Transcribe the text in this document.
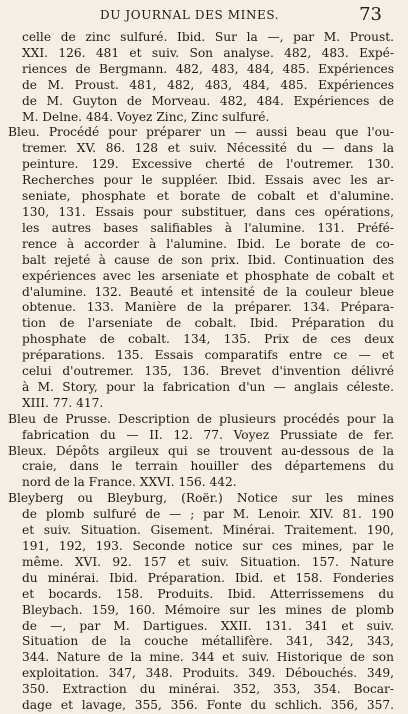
DU JOURNAL DES MINES.	73
celle de zinc sulfuré. Ibid. Sur la —, par M. Proust.
XXI. 126. 481 et suiv. Son analyse. 482, 483. Expé-
riences de Bergmann. 482, 483, 484, 485. Expériences
de M. Proust. 481, 482, 483, 484, 485. Expériences
de M. Guyton de Morveau. 482, 484. Expériences de
M. Delne. 484. Voyez Zinc, Zinc sulfuré.
Bleu. Procédé pour préparer un — aussi beau que l'ou-
tremer. XV. 86. 128 et suiv. Nécessité du — dans la
peinture. 129. Excessive cherté de l'outremer. 130.
Recherches pour le suppléer. Ibid. Essais avec les ar-
seniate, phosphate et borate de cobalt et d'alumine.
130, 131. Essais pour substituer, dans ces opérations,
les autres bases salifiables à l'alumine. 131. Préfé-
rence à accorder à l'alumine. Ibid. Le borate de co-
balt rejeté à cause de son prix. Ibid. Continuation des
expériences avec les arseniate et phosphate de cobalt et
d'alumine. 132. Beauté et intensité de la couleur bleue
obtenue. 133. Manière de la préparer. 134. Prépara-
tion de l'arseniate de cobalt. Ibid. Préparation du
phosphate de cobalt. 134, 135. Prix de ces deux
préparations. 135. Essais comparatifs entre ce — et
celui d'outremer. 135, 136. Brevet d'invention délivré
à M. Story, pour la fabrication d'un — anglais céleste.
XIII. 77. 417.
Bleu de Prusse. Description de plusieurs procédés pour la
fabrication du — II. 12. 77. Voyez Prussiate de fer.
Bleux. Dépôts argileux qui se trouvent au-dessous de la
craie, dans le terrain houiller des départemens du
nord de la France. XXVI. 156. 442.
Bleyberg ou Bleyburg, (Roër.) Notice sur les mines
de plomb sulfuré de — ; par M. Lenoir. XIV. 81. 190
et suiv. Situation. Gisement. Minérai. Traitement. 190,
191, 192, 193. Seconde notice sur ces mines, par le
même. XVI. 92. 157 et suiv. Situation. 157. Nature
du minérai. Ibid. Préparation. Ibid. et 158. Fonderies
et bocards. 158. Produits. Ibid. Atterrissemens du
Bleybach. 159, 160. Mémoire sur les mines de plomb
de —, par M. Dartigues. XXII. 131. 341 et suiv.
Situation de la couche métallifère. 341, 342, 343,
344. Nature de la mine. 344 et suiv. Historique de son
exploitation. 347, 348. Produits. 349. Débouchés. 349,
350. Extraction du minérai. 352, 353, 354. Bocar-
dage et lavage, 355, 356. Fonte du schlich. 356, 357.
